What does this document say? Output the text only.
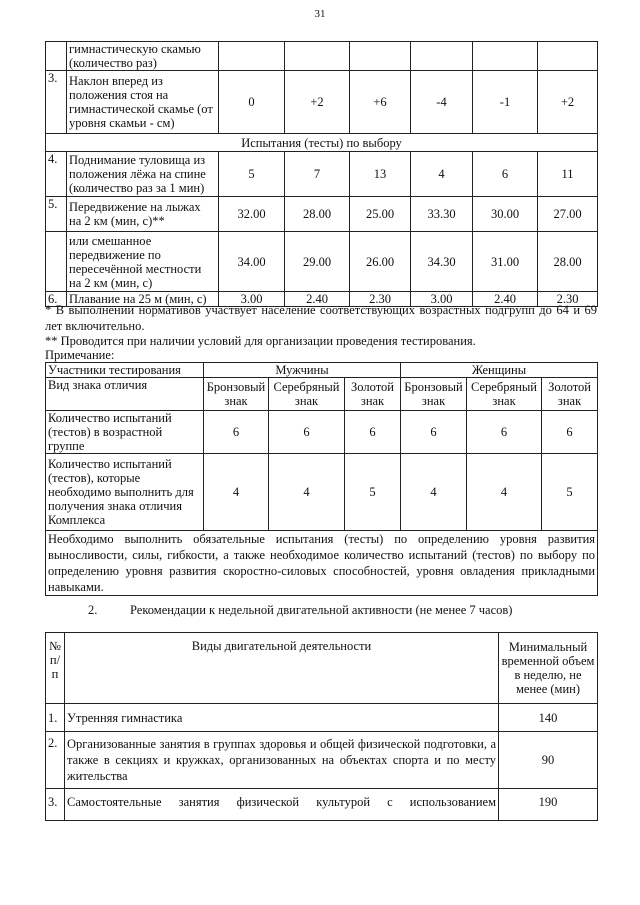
31
	гимнастическую скамью (количество раз)						
3.	Наклон вперед из положения стоя на гимнастической скамье (от уровня скамьи - см)	0	+2	+6	-4	-1	+2
Испытания (тесты) по выбору							
4.	Поднимание туловища из положения лёжа на спине (количество раз за 1 мин)	5	7	13	4	6	11
5.	Передвижение на лыжах на 2 км (мин, с)**	32.00	28.00	25.00	33.30	30.00	27.00
	или смешанное передвижение по пересечённой местности на 2 км (мин, с)	34.00	29.00	26.00	34.30	31.00	28.00
6.	Плавание на 25 м (мин, с)	3.00	2.40	2.30	3.00	2.40	2.30
* В выполнении нормативов участвует население соответствующих возрастных подгрупп до 64 и 69 лет включительно.
** Проводится при наличии условий для организации проведения тестирования.
Примечание:
Участники тестирования	Мужчины			Женщины		
Вид знака отличия	Бронзовый знак	Серебряный знак	Золотой знак	Бронзовый знак	Серебряный знак	Золотой знак
Количество испытаний (тестов) в возрастной группе	6	6	6	6	6	6
Количество испытаний (тестов), которые необходимо выполнить для получения знака отличия Комплекса	4	4	5	4	4	5
Необходимо выполнить обязательные испытания (тесты) по определению уровня развития выносливости, силы, гибкости, а также необходимое количество испытаний (тестов) по выбору по определению уровня развития скоростно-силовых способностей, уровня овладения прикладными навыками.						
2.	Рекомендации к недельной двигательной активности (не менее 7 часов)
№ п/п	Виды двигательной деятельности	Минимальный временной объем в неделю, не менее (мин)
1.	Утренняя гимнастика	140
2.	Организованные занятия в группах здоровья и общей физической подготовки, а также в секциях и кружках, организованных на объектах спорта и по месту жительства	90
3.	Самостоятельные занятия физической культурой с использованием	190
